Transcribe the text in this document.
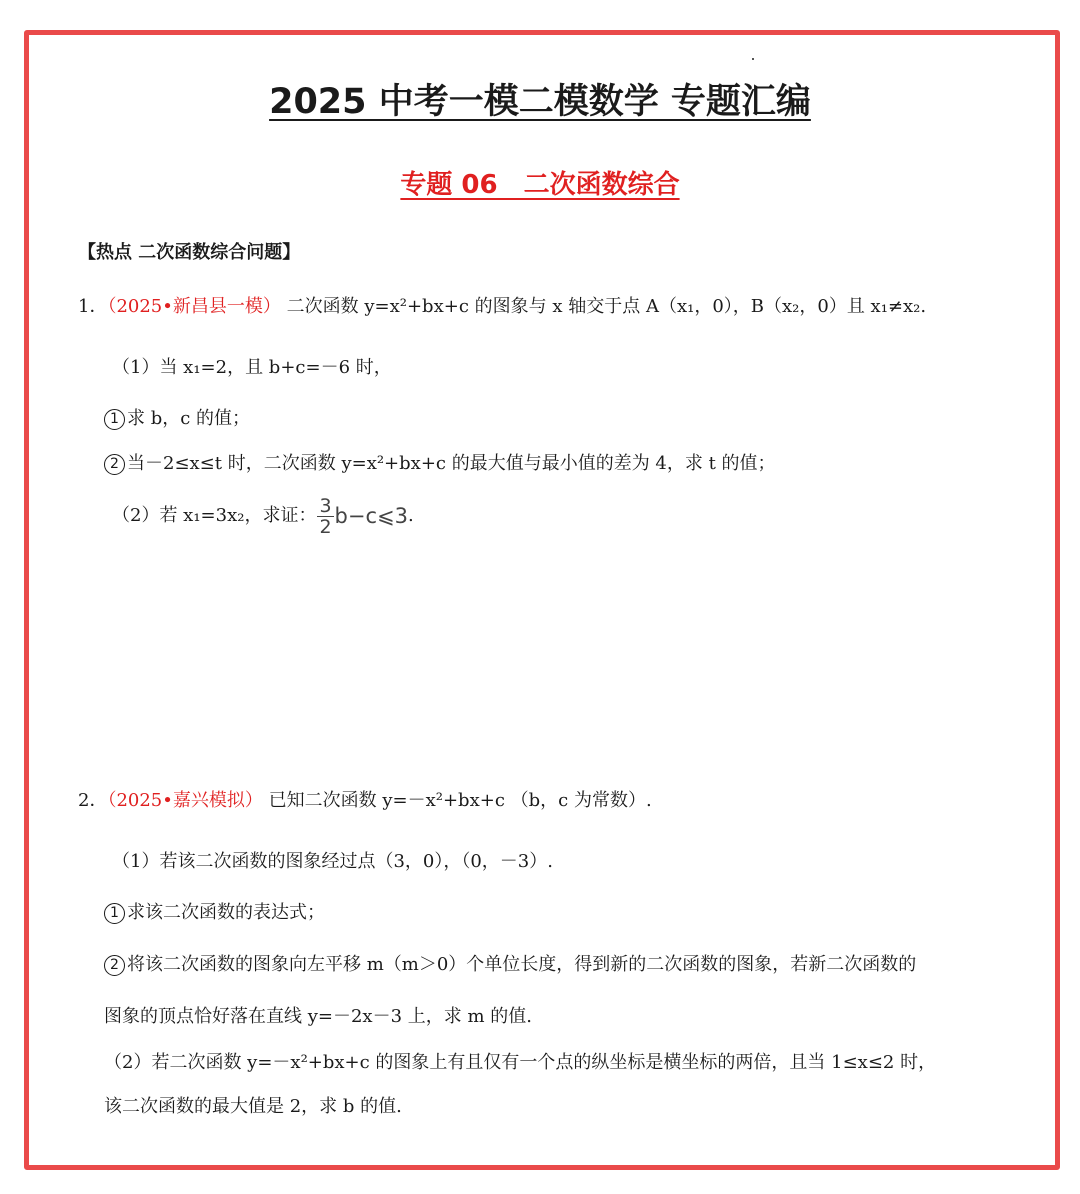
2025 中考一模二模数学 专题汇编
专题 06　二次函数综合
【热点 二次函数综合问题】
1．（2025•新昌县一模） 二次函数 y=x²+bx+c 的图象与 x 轴交于点 A（x₁，0），B（x₂，0）且 x₁≠x₂.
（1）当 x₁=2，且 b+c=－6 时，
1 求 b，c 的值；
2 当－2≤x≤t 时，二次函数 y=x²+bx+c 的最大值与最小值的差为 4，求 t 的值；
（2）若 x₁=3x₂，求证： $\frac{3}{2}$ b−c⩽3.
2．（2025•嘉兴模拟） 已知二次函数 y=－x²+bx+c （b，c 为常数）.
（1）若该二次函数的图象经过点（3，0），（0，－3）.
1 求该二次函数的表达式；
2 将该二次函数的图象向左平移 m（m＞0）个单位长度，得到新的二次函数的图象，若新二次函数的
图象的顶点恰好落在直线 y=－2x－3 上，求 m 的值.
（2）若二次函数 y=－x²+bx+c 的图象上有且仅有一个点的纵坐标是横坐标的两倍，且当 1≤x≤2 时，
该二次函数的最大值是 2，求 b 的值.
